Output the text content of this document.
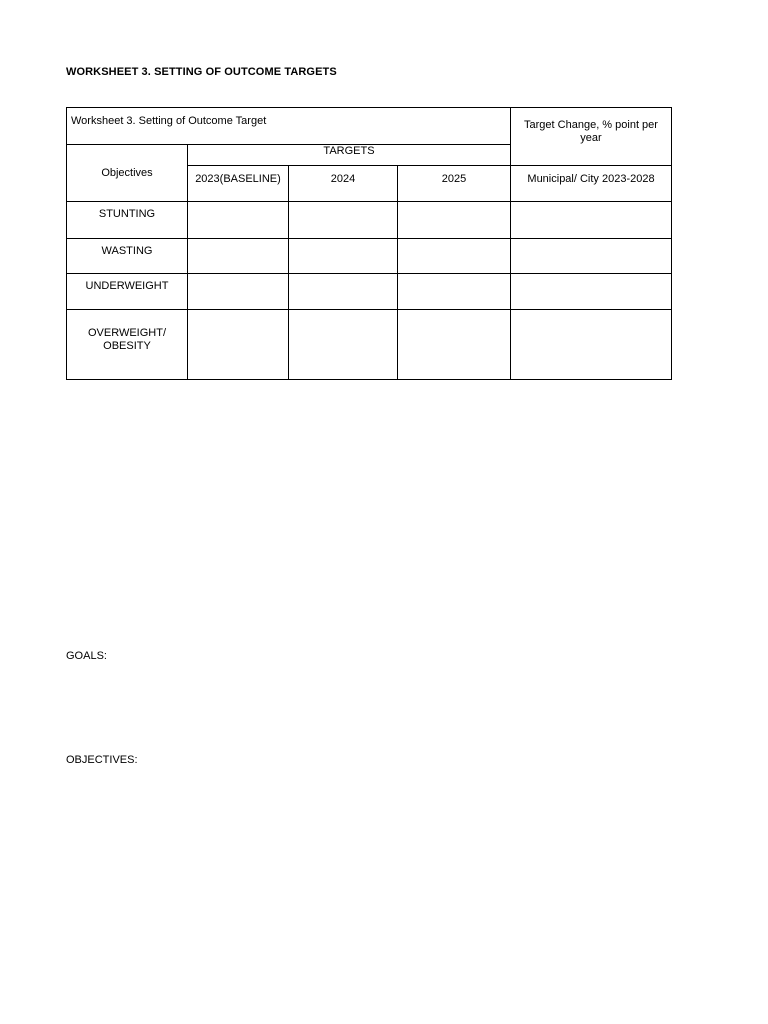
WORKSHEET 3. SETTING OF OUTCOME TARGETS
Worksheet 3. Setting of Outcome Target				Target Change, % point per year
Objectives	TARGETS			
	2023(BASELINE)	2024	2025	Municipal/ City 2023-2028
STUNTING				
WASTING				
UNDERWEIGHT				
OVERWEIGHT/ OBESITY				
GOALS:
OBJECTIVES:
